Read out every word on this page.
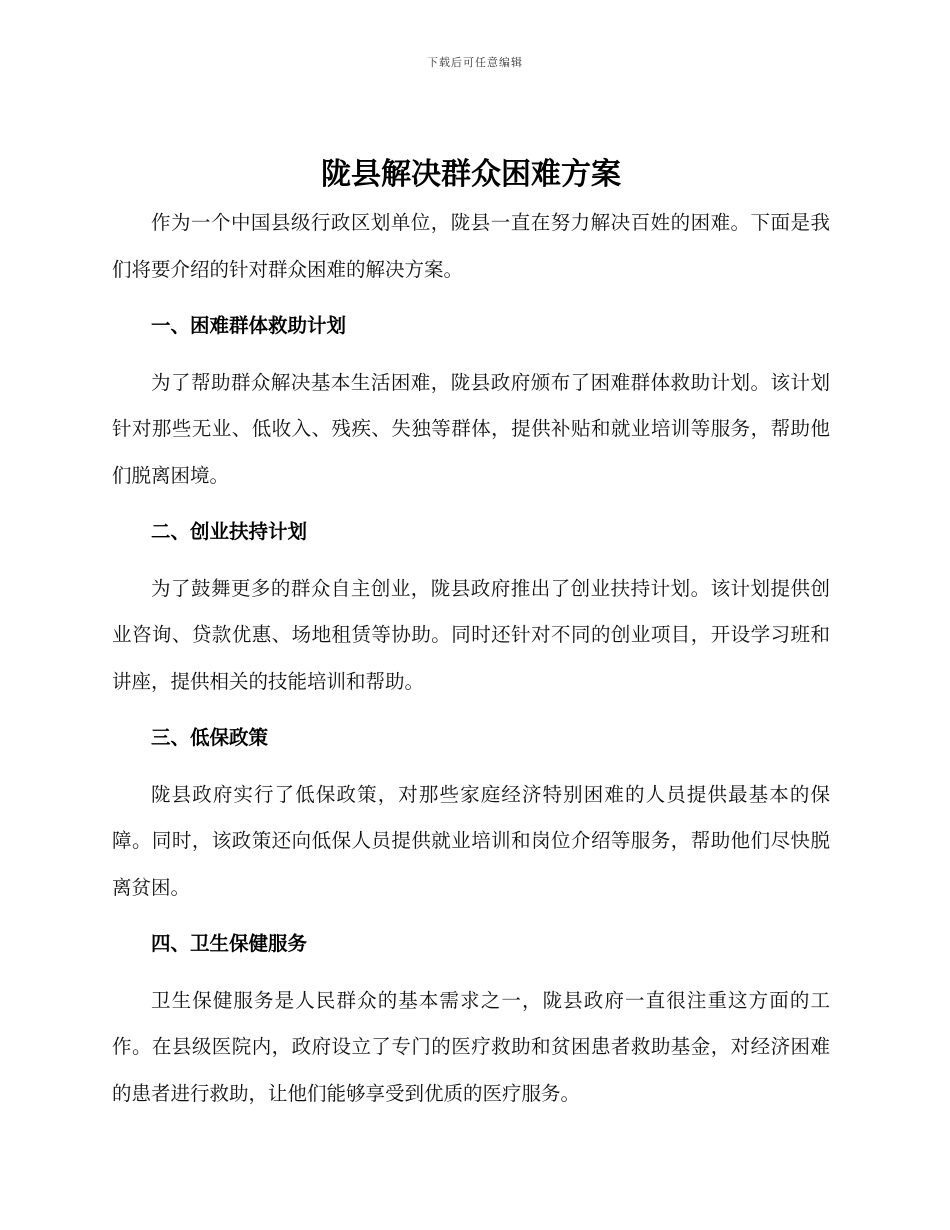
下载后可任意编辑
陇县解决群众困难方案

作为一个中国县级行政区划单位，陇县一直在努力解决百姓的困难。下面是我们将要介绍的针对群众困难的解决方案。

一、困难群体救助计划

为了帮助群众解决基本生活困难，陇县政府颁布了困难群体救助计划。该计划针对那些无业、低收入、残疾、失独等群体，提供补贴和就业培训等服务，帮助他们脱离困境。

二、创业扶持计划

为了鼓舞更多的群众自主创业，陇县政府推出了创业扶持计划。该计划提供创业咨询、贷款优惠、场地租赁等协助。同时还针对不同的创业项目，开设学习班和讲座，提供相关的技能培训和帮助。

三、低保政策

陇县政府实行了低保政策，对那些家庭经济特别困难的人员提供最基本的保障。同时，该政策还向低保人员提供就业培训和岗位介绍等服务，帮助他们尽快脱离贫困。

四、卫生保健服务

卫生保健服务是人民群众的基本需求之一，陇县政府一直很注重这方面的工作。在县级医院内，政府设立了专门的医疗救助和贫困患者救助基金，对经济困难的患者进行救助，让他们能够享受到优质的医疗服务。
